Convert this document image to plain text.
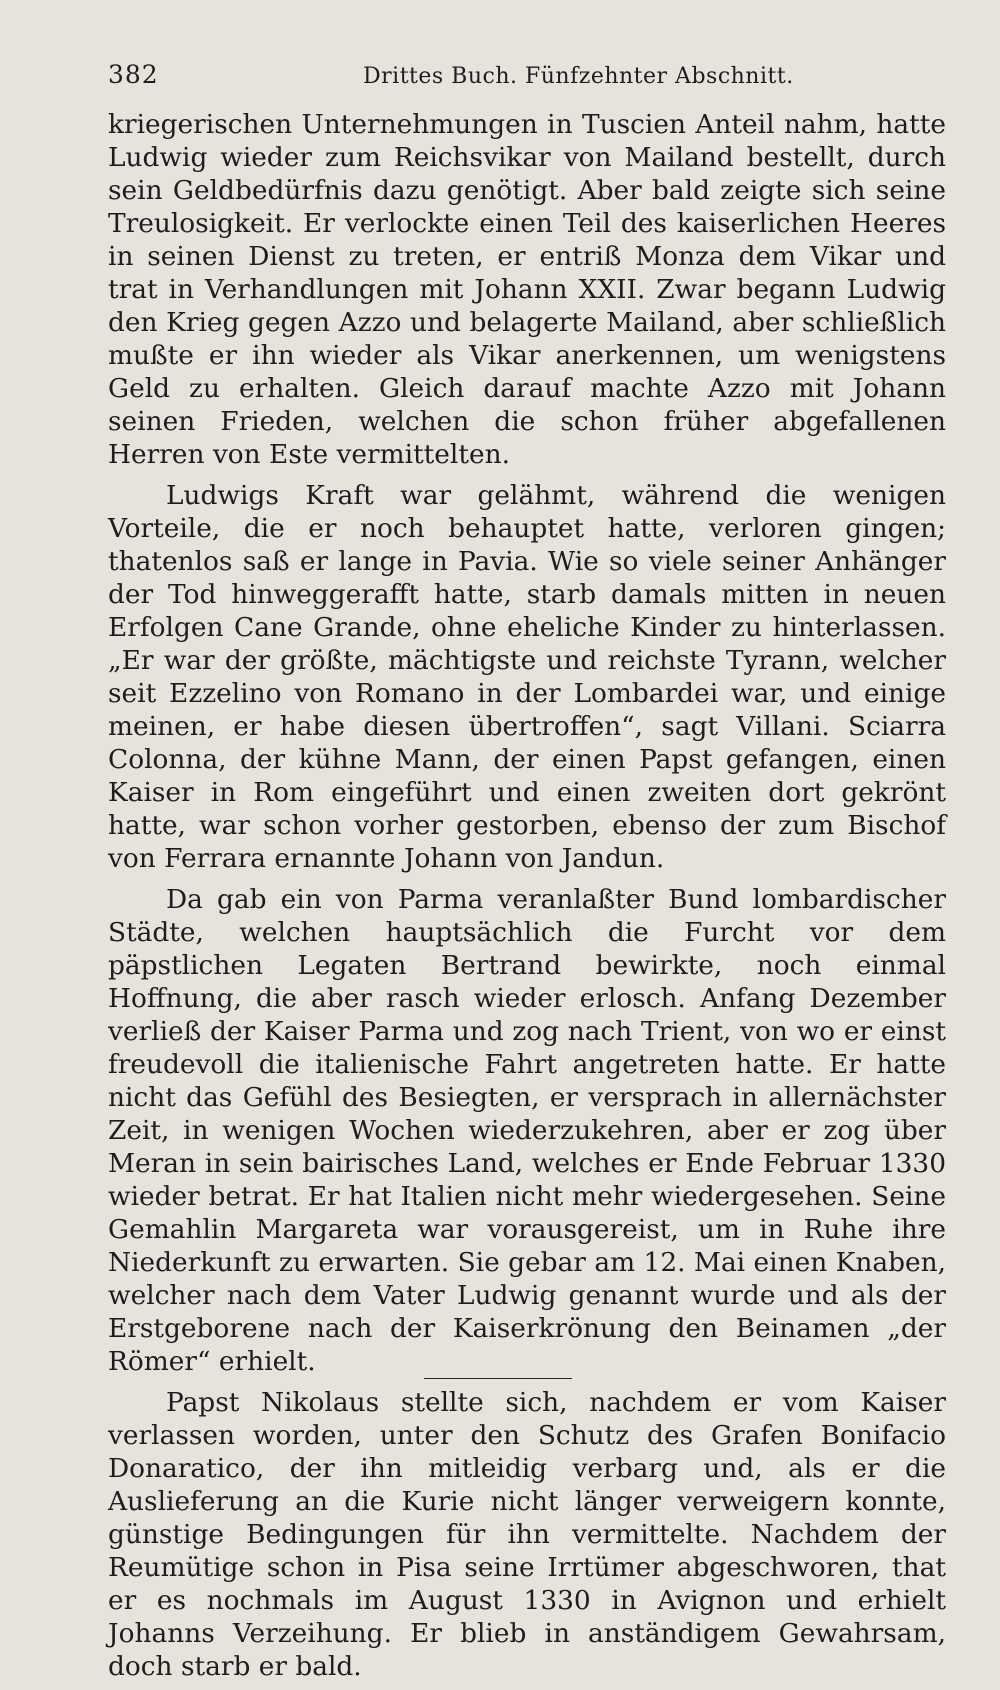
382	Drittes Buch. Fünfzehnter Abschnitt.

kriegerischen Unternehmungen in Tuscien Anteil nahm, hatte Ludwig wieder zum Reichsvikar von Mailand bestellt, durch sein Geldbedürfnis dazu genötigt. Aber bald zeigte sich seine Treulosigkeit. Er verlockte einen Teil des kaiserlichen Heeres in seinen Dienst zu treten, er entriß Monza dem Vikar und trat in Verhandlungen mit Johann XXII. Zwar begann Ludwig den Krieg gegen Azzo und belagerte Mailand, aber schließlich mußte er ihn wieder als Vikar anerkennen, um wenigstens Geld zu erhalten. Gleich darauf machte Azzo mit Johann seinen Frieden, welchen die schon früher abgefallenen Herren von Este vermittelten.

Ludwigs Kraft war gelähmt, während die wenigen Vorteile, die er noch behauptet hatte, verloren gingen; thatenlos saß er lange in Pavia. Wie so viele seiner Anhänger der Tod hinweggerafft hatte, starb damals mitten in neuen Erfolgen Cane Grande, ohne eheliche Kinder zu hinterlassen. „Er war der größte, mächtigste und reichste Tyrann, welcher seit Ezzelino von Romano in der Lombardei war, und einige meinen, er habe diesen übertroffen“, sagt Villani. Sciarra Colonna, der kühne Mann, der einen Papst gefangen, einen Kaiser in Rom eingeführt und einen zweiten dort gekrönt hatte, war schon vorher gestorben, ebenso der zum Bischof von Ferrara ernannte Johann von Jandun.

Da gab ein von Parma veranlaßter Bund lombardischer Städte, welchen hauptsächlich die Furcht vor dem päpstlichen Legaten Bertrand bewirkte, noch einmal Hoffnung, die aber rasch wieder erlosch. Anfang Dezember verließ der Kaiser Parma und zog nach Trient, von wo er einst freudevoll die italienische Fahrt angetreten hatte. Er hatte nicht das Gefühl des Besiegten, er versprach in allernächster Zeit, in wenigen Wochen wiederzukehren, aber er zog über Meran in sein bairisches Land, welches er Ende Februar 1330 wieder betrat. Er hat Italien nicht mehr wiedergesehen. Seine Gemahlin Margareta war vorausgereist, um in Ruhe ihre Niederkunft zu erwarten. Sie gebar am 12. Mai einen Knaben, welcher nach dem Vater Ludwig genannt wurde und als der Erstgeborene nach der Kaiserkrönung den Beinamen „der Römer“ erhielt.

Papst Nikolaus stellte sich, nachdem er vom Kaiser verlassen worden, unter den Schutz des Grafen Bonifacio Donaratico, der ihn mitleidig verbarg und, als er die Auslieferung an die Kurie nicht länger verweigern konnte, günstige Bedingungen für ihn vermittelte. Nachdem der Reumütige schon in Pisa seine Irrtümer abgeschworen, that er es nochmals im August 1330 in Avignon und erhielt Johanns Verzeihung. Er blieb in anständigem Gewahrsam, doch starb er bald.
